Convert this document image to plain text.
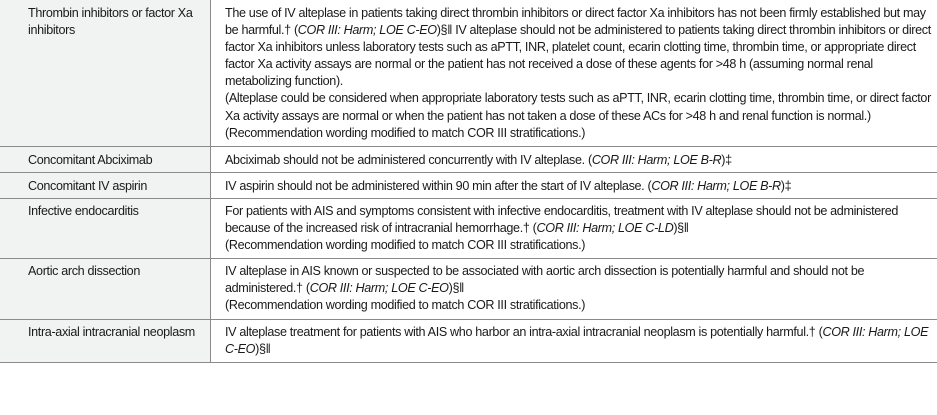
Thrombin inhibitors or factor Xa inhibitors	The use of IV alteplase in patients taking direct thrombin inhibitors or direct factor Xa inhibitors has not been firmly established but may be harmful.† (COR III: Harm; LOE C-EO)§ǁ IV alteplase should not be administered to patients taking direct thrombin inhibitors or direct factor Xa inhibitors unless laboratory tests such as aPTT, INR, platelet count, ecarin clotting time, thrombin time, or appropriate direct factor Xa activity assays are normal or the patient has not received a dose of these agents for >48 h (assuming normal renal metabolizing function).

(Alteplase could be considered when appropriate laboratory tests such as aPTT, INR, ecarin clotting time, thrombin time, or direct factor Xa activity assays are normal or when the patient has not taken a dose of these ACs for >48 h and renal function is normal.)

(Recommendation wording modified to match COR III stratifications.)

Concomitant Abciximab	Abciximab should not be administered concurrently with IV alteplase. (COR III: Harm; LOE B-R)‡

Concomitant IV aspirin	IV aspirin should not be administered within 90 min after the start of IV alteplase. (COR III: Harm; LOE B-R)‡

Infective endocarditis	For patients with AIS and symptoms consistent with infective endocarditis, treatment with IV alteplase should not be administered because of the increased risk of intracranial hemorrhage.† (COR III: Harm; LOE C-LD)§ǁ

(Recommendation wording modified to match COR III stratifications.)

Aortic arch dissection	IV alteplase in AIS known or suspected to be associated with aortic arch dissection is potentially harmful and should not be administered.† (COR III: Harm; LOE C-EO)§ǁ

(Recommendation wording modified to match COR III stratifications.)

Intra-axial intracranial neoplasm	IV alteplase treatment for patients with AIS who harbor an intra-axial intracranial neoplasm is potentially harmful.† (COR III: Harm; LOE C-EO)§ǁ
